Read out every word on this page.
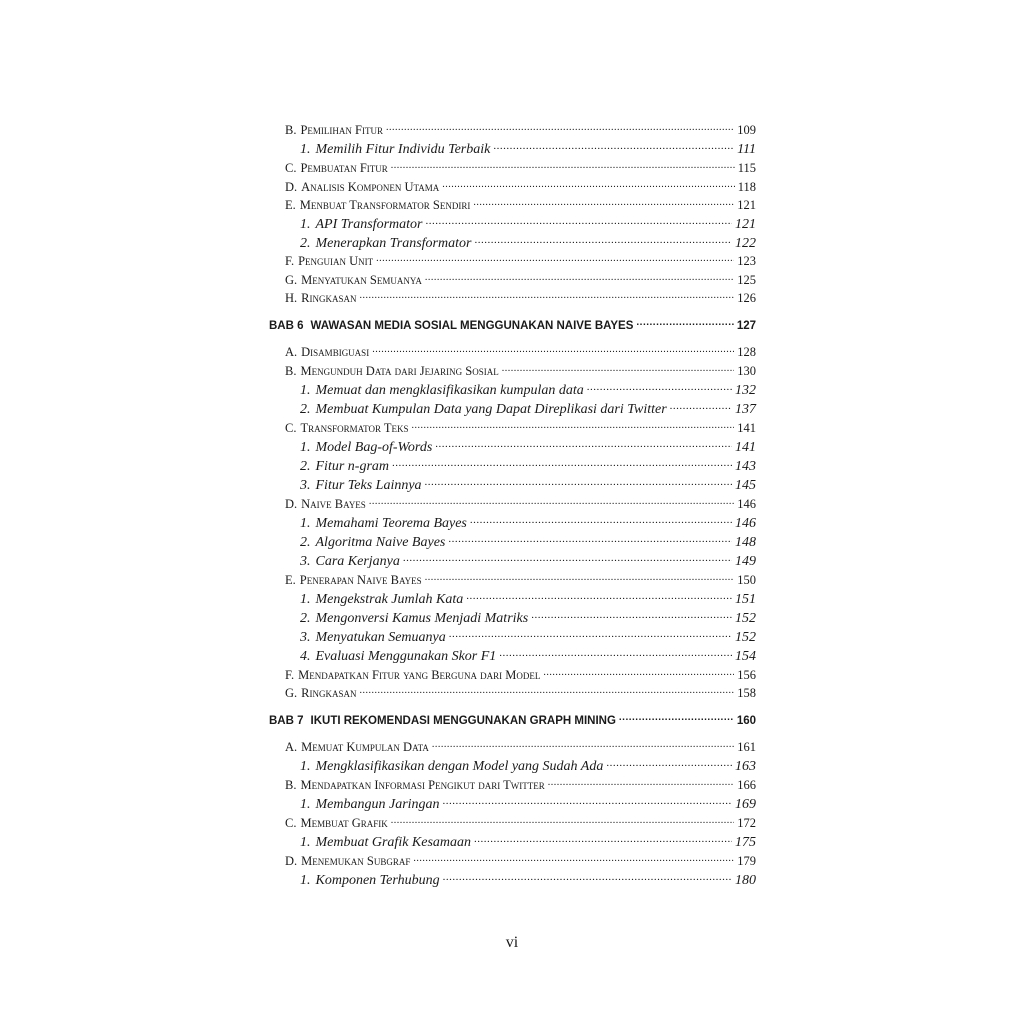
B. Pemilihan Fitur .....	109
1. Memilih Fitur Individu Terbaik .....	111
C. Pembuatan Fitur .....	115
D. Analisis Komponen Utama .....	118
E. Menbuat Transformator Sendiri .....	121
1. API Transformator .....	121
2. Menerapkan Transformator .....	122
F. Penguian Unit .....	123
G. Menyatukan Semuanya .....	125
H. Ringkasan .....	126
BAB 6 WAWASAN MEDIA SOSIAL MENGGUNAKAN NAIVE BAYES .....	127
A. Disambiguasi .....	128
B. Mengunduh Data dari Jejaring Sosial .....	130
1. Memuat dan mengklasifikasikan kumpulan data .....	132
2. Membuat Kumpulan Data yang Dapat Direplikasi dari Twitter .....	137
C. Transformator Teks .....	141
1. Model Bag-of-Words .....	141
2. Fitur n-gram .....	143
3. Fitur Teks Lainnya .....	145
D. Naive Bayes .....	146
1. Memahami Teorema Bayes .....	146
2. Algoritma Naive Bayes .....	148
3. Cara Kerjanya .....	149
E. Penerapan Naive Bayes .....	150
1. Mengekstrak Jumlah Kata .....	151
2. Mengonversi Kamus Menjadi Matriks .....	152
3. Menyatukan Semuanya .....	152
4. Evaluasi Menggunakan Skor F1 .....	154
F. Mendapatkan Fitur yang Berguna dari Model .....	156
G. Ringkasan .....	158
BAB 7 IKUTI REKOMENDASI MENGGUNAKAN GRAPH MINING .....	160
A. Memuat Kumpulan Data .....	161
1. Mengklasifikasikan dengan Model yang Sudah Ada .....	163
B. Mendapatkan Informasi Pengikut dari Twitter .....	166
1. Membangun Jaringan .....	169
C. Membuat Grafik .....	172
1. Membuat Grafik Kesamaan .....	175
D. Menemukan Subgraf .....	179
1. Komponen Terhubung .....	180
vi
